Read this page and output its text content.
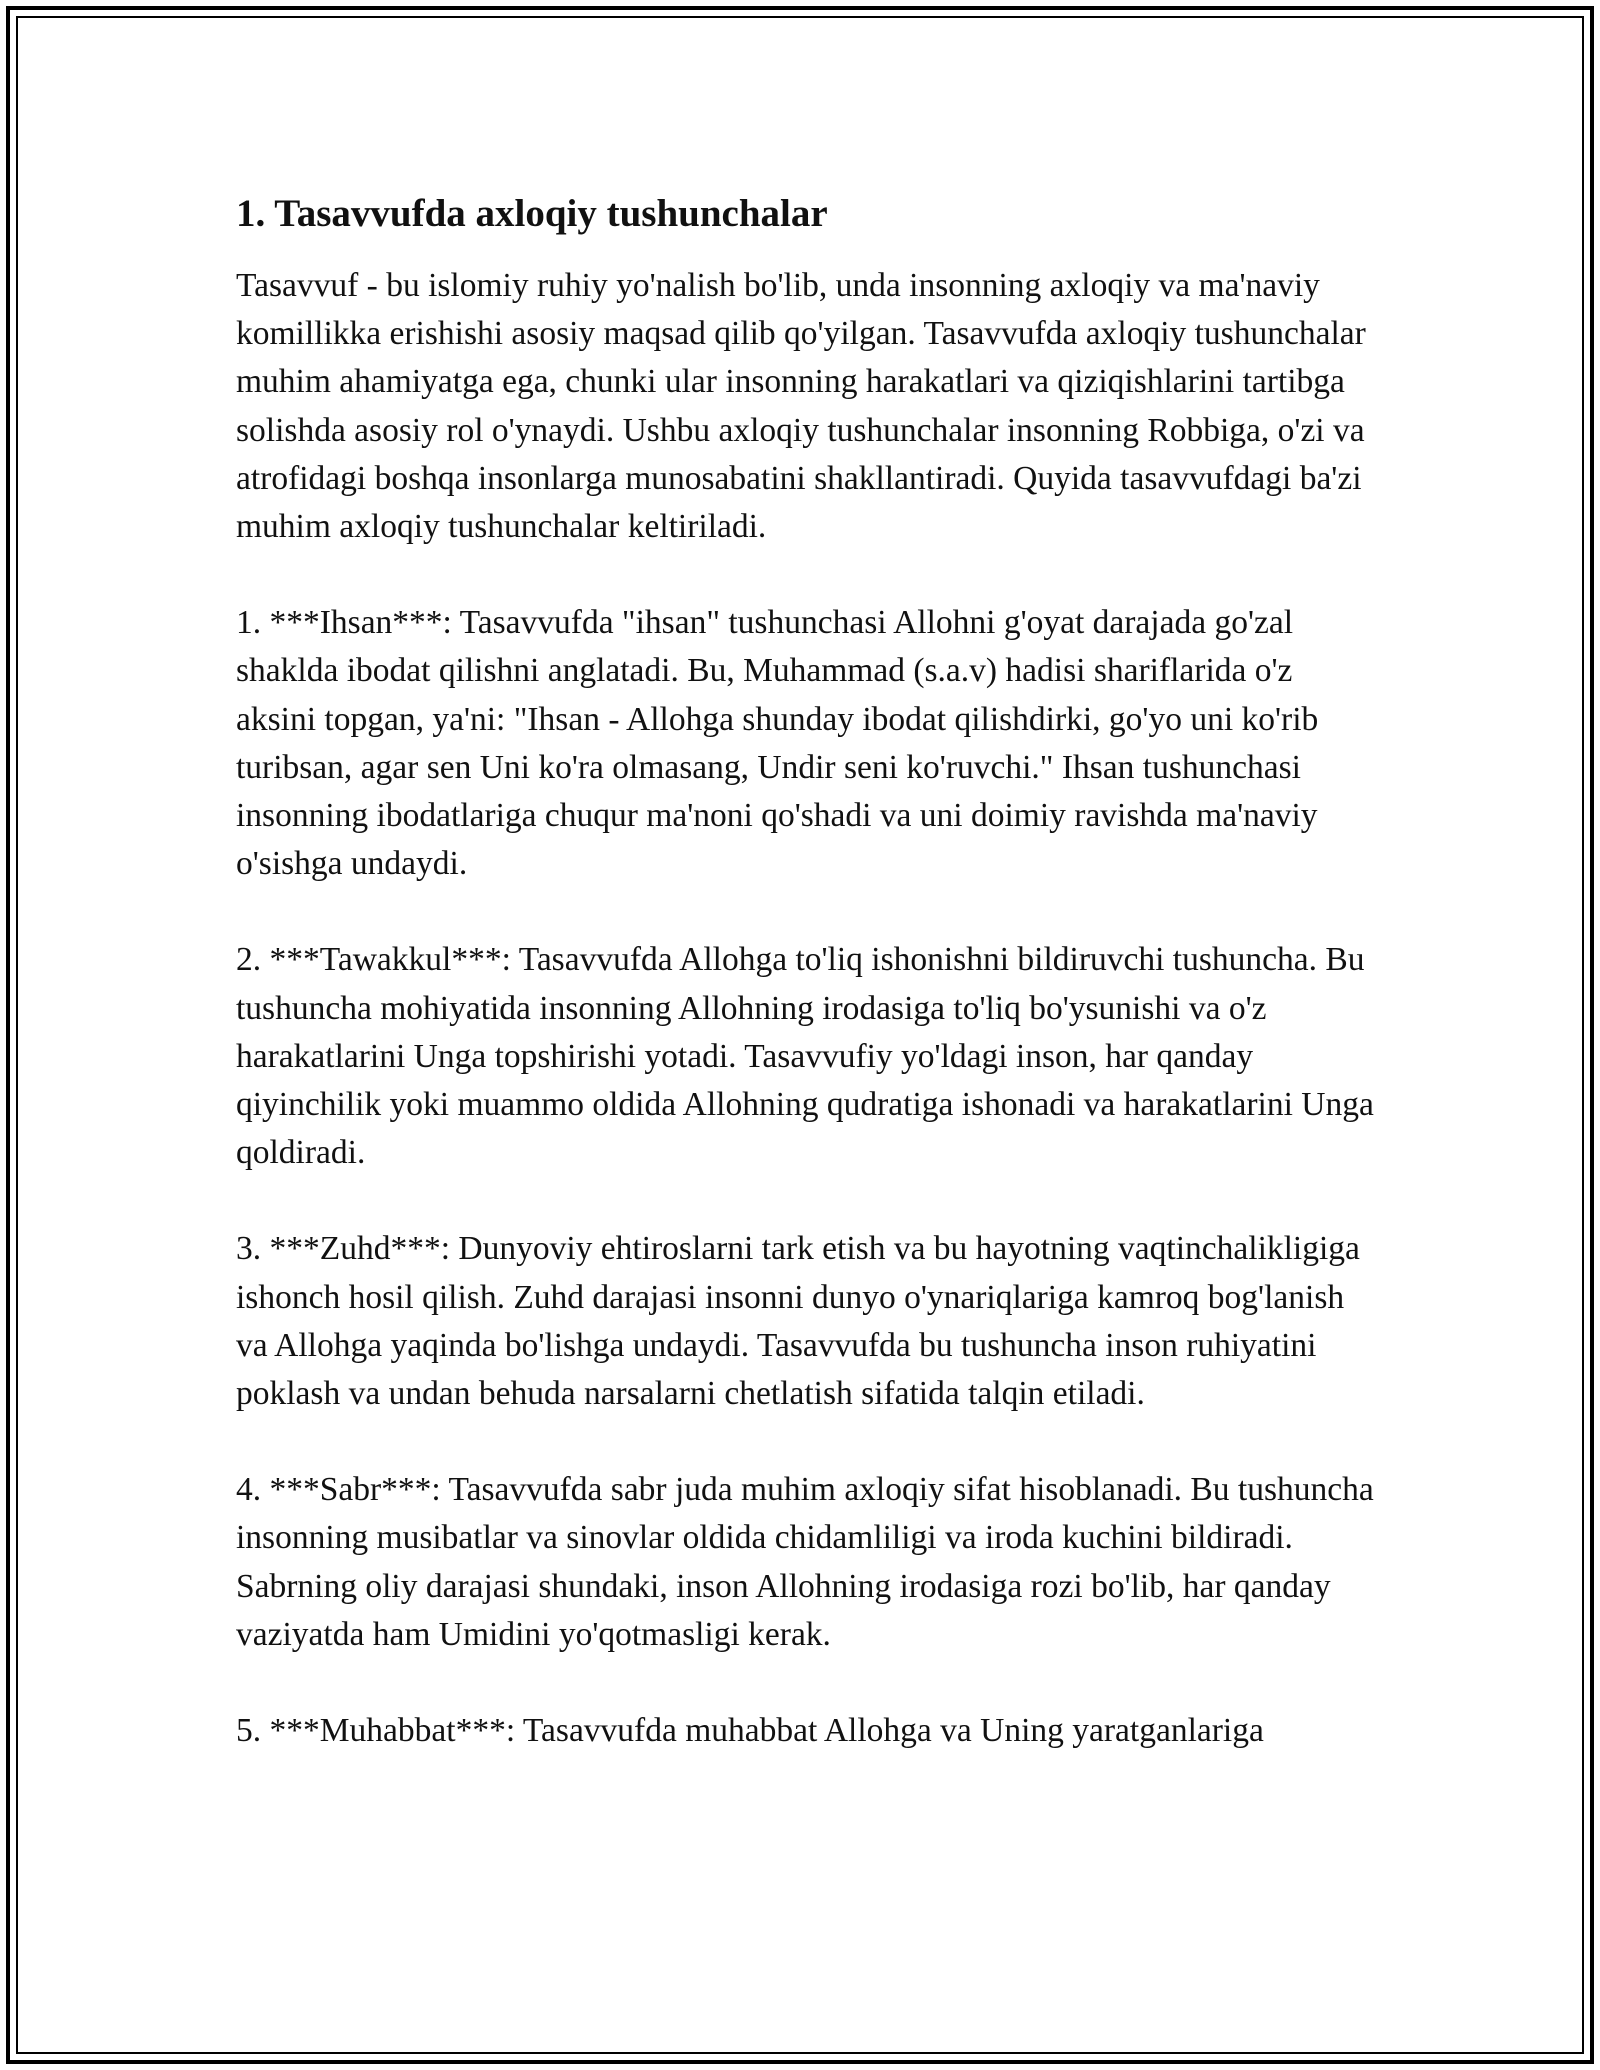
1. Tasavvufda axloqiy tushunchalar

Tasavvuf - bu islomiy ruhiy yo'nalish bo'lib, unda insonning axloqiy va ma'naviy komillikka erishishi asosiy maqsad qilib qo'yilgan. Tasavvufda axloqiy tushunchalar muhim ahamiyatga ega, chunki ular insonning harakatlari va qiziqishlarini tartibga solishda asosiy rol o'ynaydi. Ushbu axloqiy tushunchalar insonning Robbiga, o'zi va atrofidagi boshqa insonlarga munosabatini shakllantiradi. Quyida tasavvufdagi ba'zi muhim axloqiy tushunchalar keltiriladi.

1. ***Ihsan***: Tasavvufda "ihsan" tushunchasi Allohni g'oyat darajada go'zal shaklda ibodat qilishni anglatadi. Bu, Muhammad (s.a.v) hadisi shariflarida o'z aksini topgan, ya'ni: "Ihsan - Allohga shunday ibodat qilishdirki, go'yo uni ko'rib turibsan, agar sen Uni ko'ra olmasang, Undir seni ko'ruvchi." Ihsan tushunchasi insonning ibodatlariga chuqur ma'noni qo'shadi va uni doimiy ravishda ma'naviy o'sishga undaydi.

2. ***Tawakkul***: Tasavvufda Allohga to'liq ishonishni bildiruvchi tushuncha. Bu tushuncha mohiyatida insonning Allohning irodasiga to'liq bo'ysunishi va o'z harakatlarini Unga topshirishi yotadi. Tasavvufiy yo'ldagi inson, har qanday qiyinchilik yoki muammo oldida Allohning qudratiga ishonadi va harakatlarini Unga qoldiradi.

3. ***Zuhd***: Dunyoviy ehtiroslarni tark etish va bu hayotning vaqtinchalikligiga ishonch hosil qilish. Zuhd darajasi insonni dunyo o'ynariqlariga kamroq bog'lanish va Allohga yaqinda bo'lishga undaydi. Tasavvufda bu tushuncha inson ruhiyatini poklash va undan behuda narsalarni chetlatish sifatida talqin etiladi.

4. ***Sabr***: Tasavvufda sabr juda muhim axloqiy sifat hisoblanadi. Bu tushuncha insonning musibatlar va sinovlar oldida chidamliligi va iroda kuchini bildiradi. Sabrning oliy darajasi shundaki, inson Allohning irodasiga rozi bo'lib, har qanday vaziyatda ham Umidini yo'qotmasligi kerak.

5. ***Muhabbat***: Tasavvufda muhabbat Allohga va Uning yaratganlariga
